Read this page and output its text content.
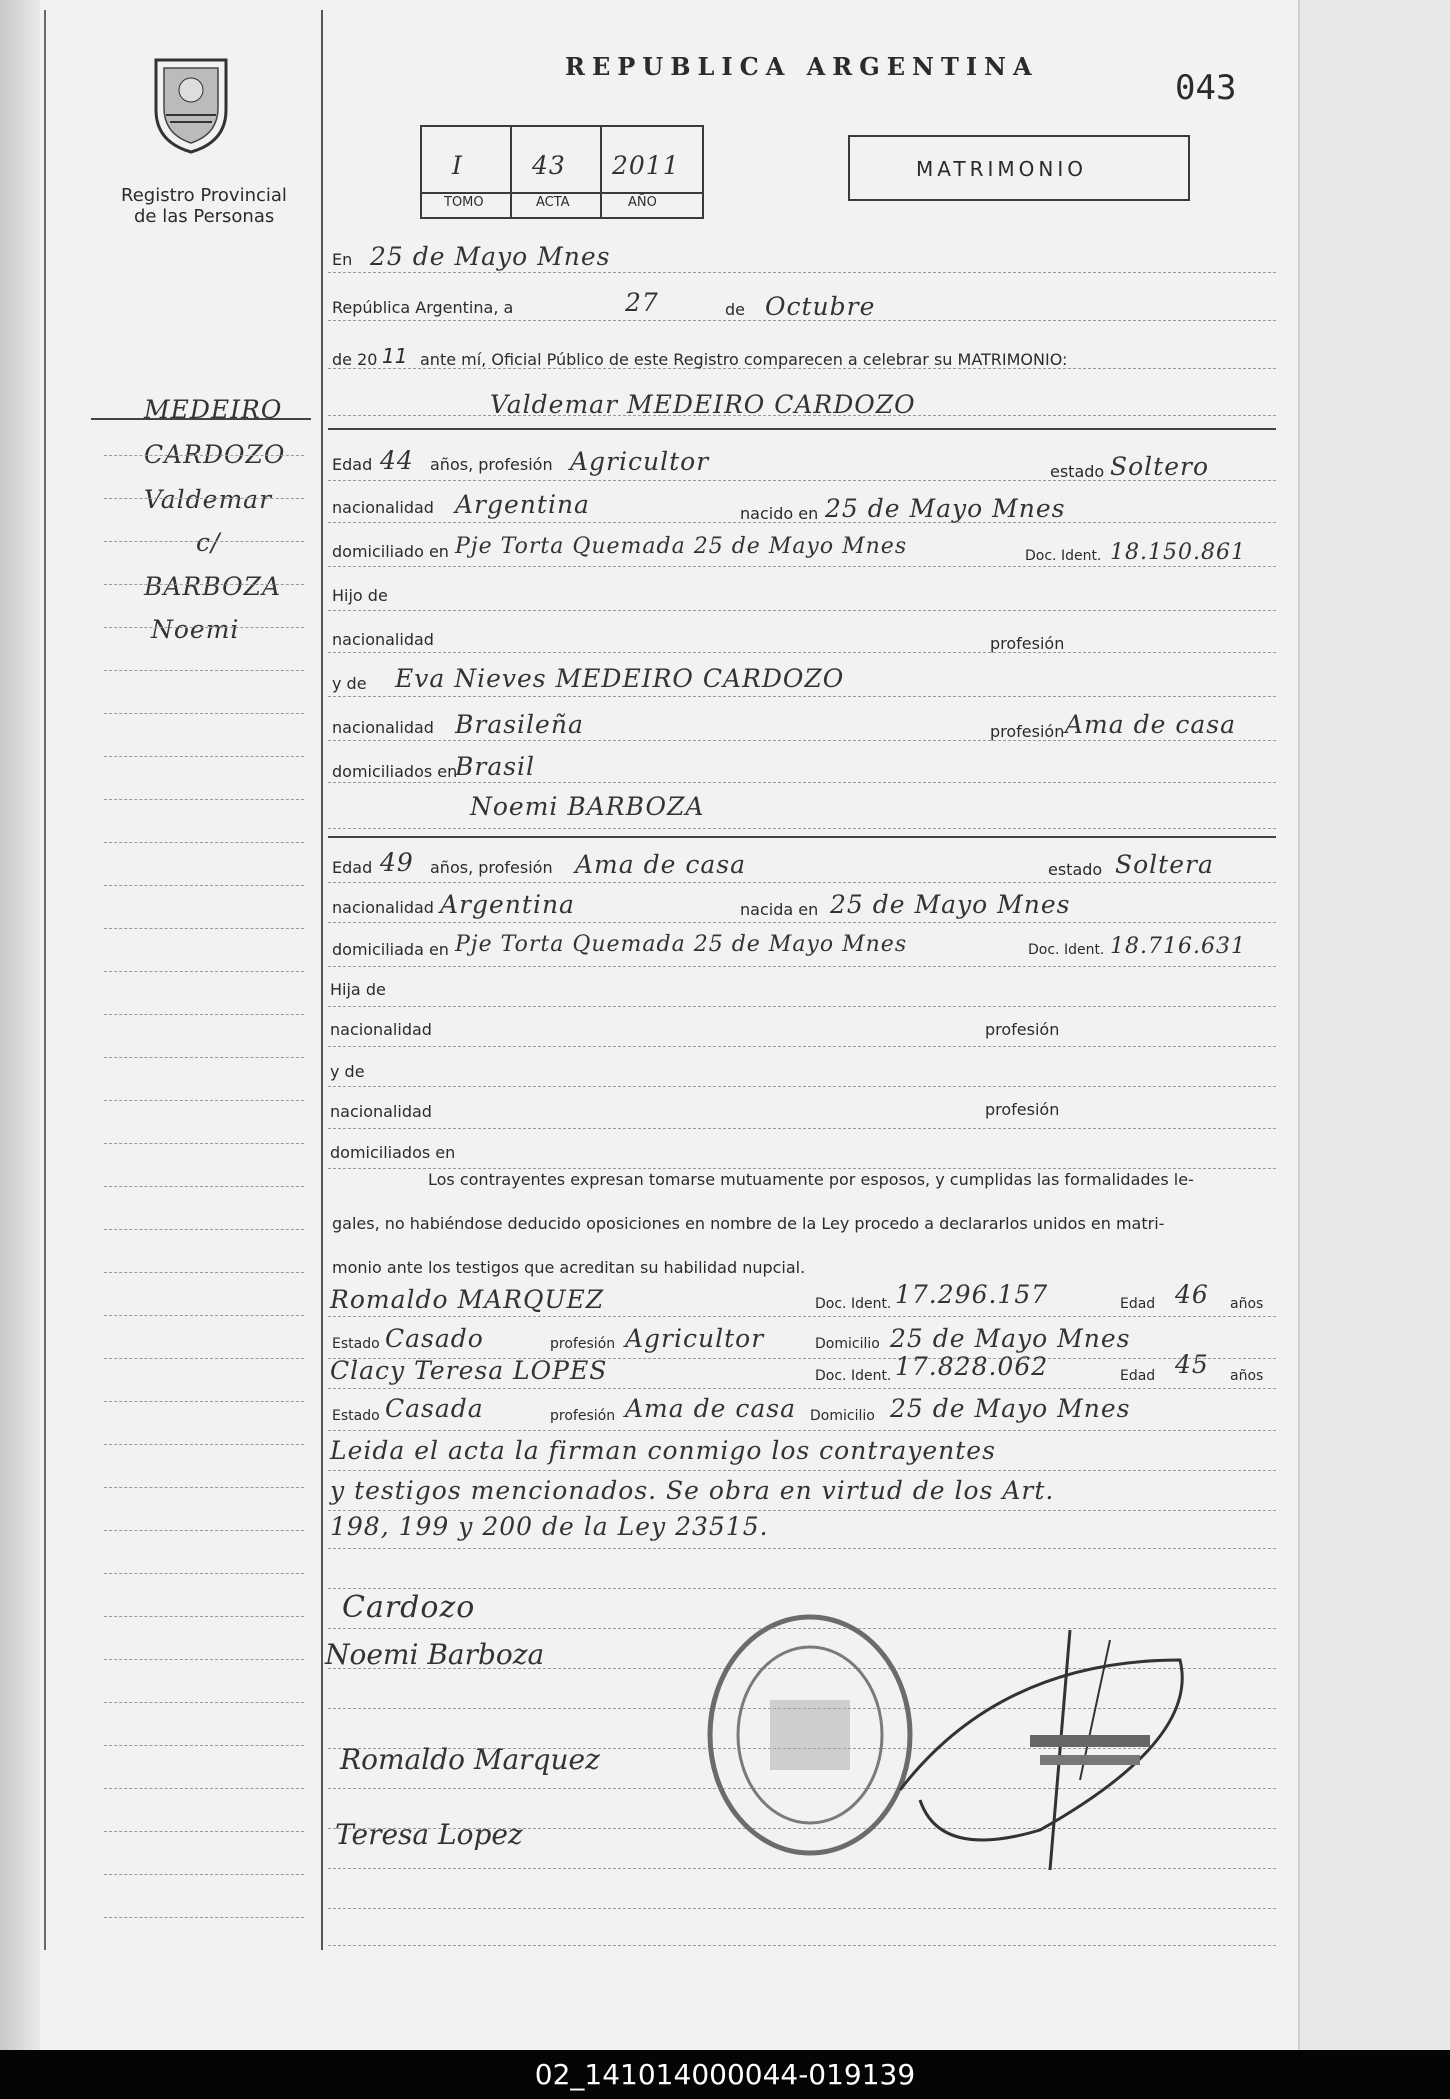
Registro Provincial
de las Personas
MEDEIRO
CARDOZO
Valdemar
c/
BARBOZA
Noemi
REPUBLICA ARGENTINA
043
I	43 2011
TOMO	ACTA	AÑO
MATRIMONIO
En 25 de Mayo Mnes
República Argentina, a	27	de Octubre
de 20 11 ante mí, Oficial Público de este Registro comparecen a celebrar su MATRIMONIO:
Valdemar MEDEIRO CARDOZO
Edad 44 años, profesión Agricultor	estado Soltero
nacionalidad Argentina	nacido en 25 de Mayo Mnes
domiciliado en Pje Torta Quemada 25 de Mayo Mnes	Doc. Ident. 18.150.861
Hijo de
nacionalidad	profesión
y de Eva Nieves MEDEIRO CARDOZO
nacionalidad Brasileña	profesión Ama de casa
domiciliados en
Brasil
Noemi BARBOZA
Edad 49 años, profesión Ama de casa	estado Soltera
nacionalidad Argentina	nacida en 25 de Mayo Mnes
domiciliada en Pje Torta Quemada 25 de Mayo Mnes	Doc. Ident. 18.716.631
Hija de
nacionalidad	profesión
y de
nacionalidad	profesión
domiciliados en
Los contrayentes expresan tomarse mutuamente por esposos, y cumplidas las formalidades le-
gales, no habiéndose deducido oposiciones en nombre de la Ley procedo a declararlos unidos en matri-
monio ante los testigos que acreditan su habilidad nupcial.
Romaldo MARQUEZ	Doc. Ident. 17.296.157	Edad 46 años
Estado Casado	profesión Agricultor	Domicilio 25 de Mayo Mnes
Clacy Teresa LOPES	Doc. Ident. 17.828.062	Edad 45 años
Estado Casada	profesión Ama de casa Domicilio 25 de Mayo Mnes
Leida el acta la firman conmigo los contrayentes
y testigos mencionados. Se obra en virtud de los Art.
198, 199 y 200 de la Ley 23515.
Cardozo
Noemi Barboza
Romaldo Marquez
Teresa Lopez
02_141014000044-019139
